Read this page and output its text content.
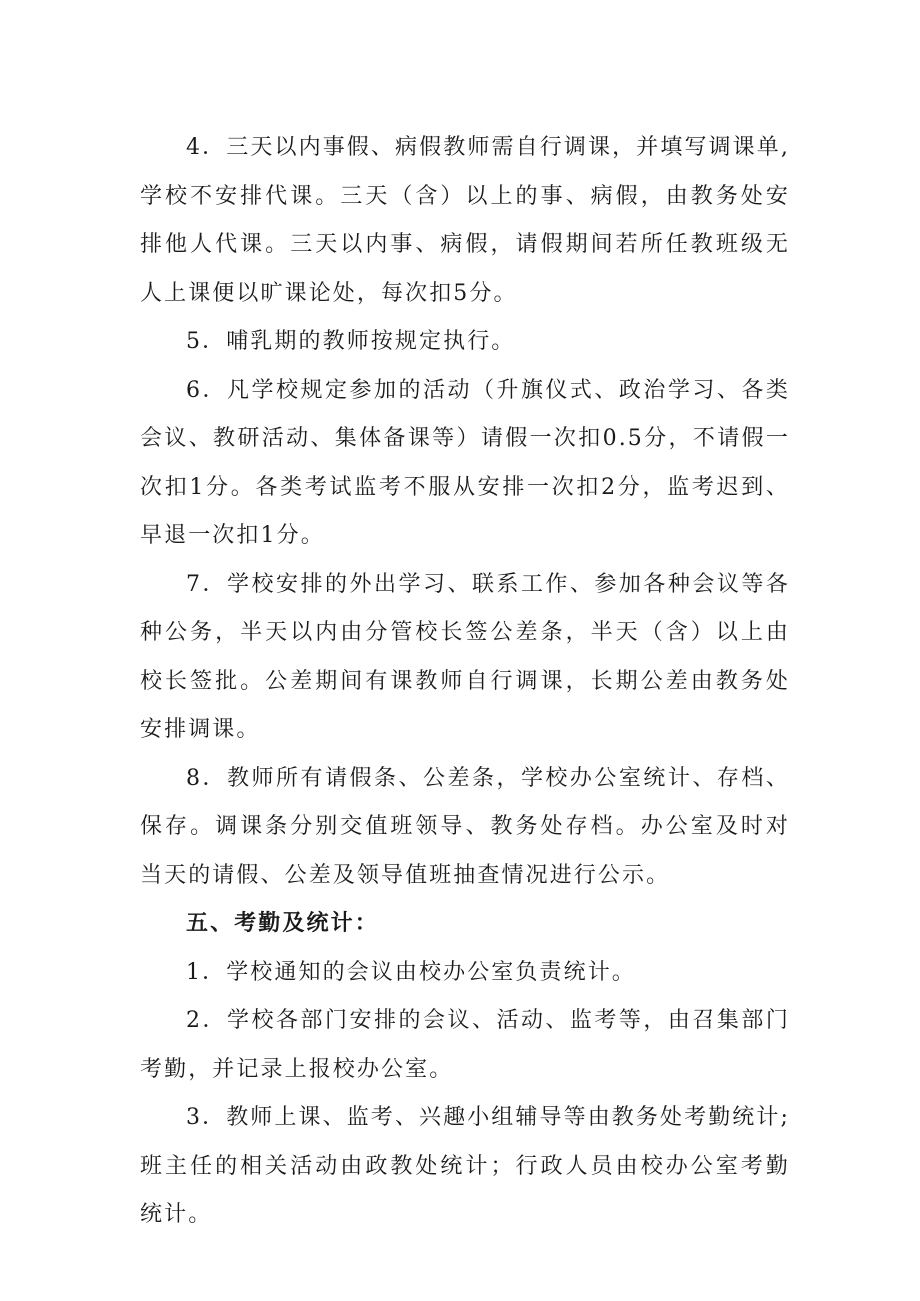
4．三天以内事假、病假教师需自行调课，并填写调课单,学校不安排代课。三天（含）以上的事、病假，由教务处安排他人代课。三天以内事、病假，请假期间若所任教班级无人上课便以旷课论处，每次扣5分。

5．哺乳期的教师按规定执行。

6．凡学校规定参加的活动（升旗仪式、政治学习、各类会议、教研活动、集体备课等）请假一次扣0.5分，不请假一次扣1分。各类考试监考不服从安排一次扣2分，监考迟到、早退一次扣1分。

7．学校安排的外出学习、联系工作、参加各种会议等各种公务，半天以内由分管校长签公差条，半天（含）以上由校长签批。公差期间有课教师自行调课，长期公差由教务处安排调课。

8．教师所有请假条、公差条，学校办公室统计、存档、保存。调课条分别交值班领导、教务处存档。办公室及时对当天的请假、公差及领导值班抽查情况进行公示。

五、考勤及统计：

1．学校通知的会议由校办公室负责统计。

2．学校各部门安排的会议、活动、监考等，由召集部门考勤，并记录上报校办公室。

3．教师上课、监考、兴趣小组辅导等由教务处考勤统计;班主任的相关活动由政教处统计；行政人员由校办公室考勤统计。
